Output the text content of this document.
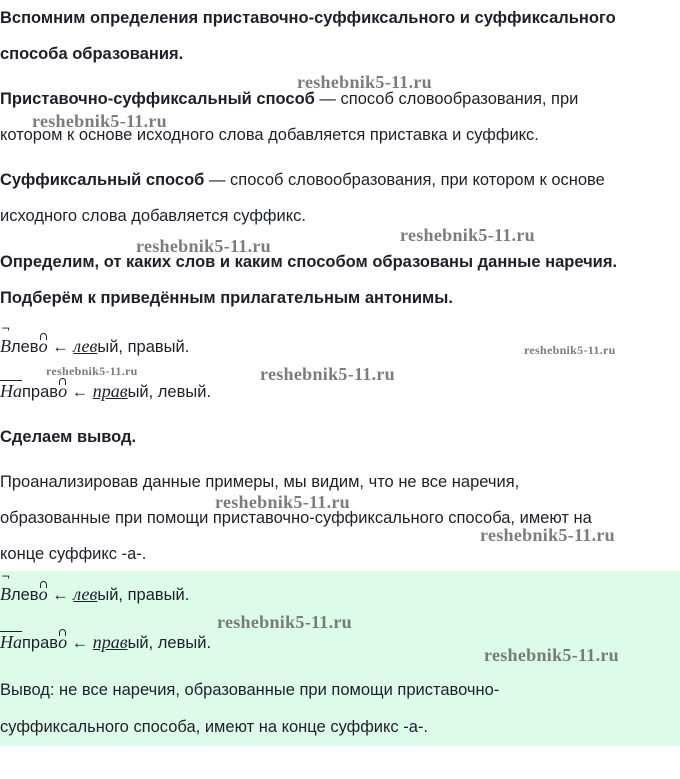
Вспомним определения приставочно-суффиксального и суффиксального
способа образования.
Приставочно-суффиксальный способ — способ словообразования, при
котором к основе исходного слова добавляется приставка и суффикс.
Суффиксальный способ — способ словообразования, при котором к основе
исходного слова добавляется суффикс.
Определим, от каких слов и каким способом образованы данные наречия.
Подберём к приведённым прилагательным антонимы.
¬
Влево ← левый, правый.
Направо ← правый, левый.
Сделаем вывод.
Проанализировав данные примеры, мы видим, что не все наречия,
образованные при помощи приставочно-суффиксального способа, имеют на
конце суффикс -а-.
¬
Влево ← левый, правый.
Направо ← правый, левый.
Вывод: не все наречия, образованные при помощи приставочно-
суффиксального способа, имеют на конце суффикс -а-.
reshebnik5-11.ru
reshebnik5-11.ru
reshebnik5-11.ru
reshebnik5-11.ru
reshebnik5-11.ru	reshebnik5-11.ru
reshebnik5-11.ru
reshebnik5-11.ru
reshebnik5-11.ru
reshebnik5-11.ru
reshebnik5-11.ru
